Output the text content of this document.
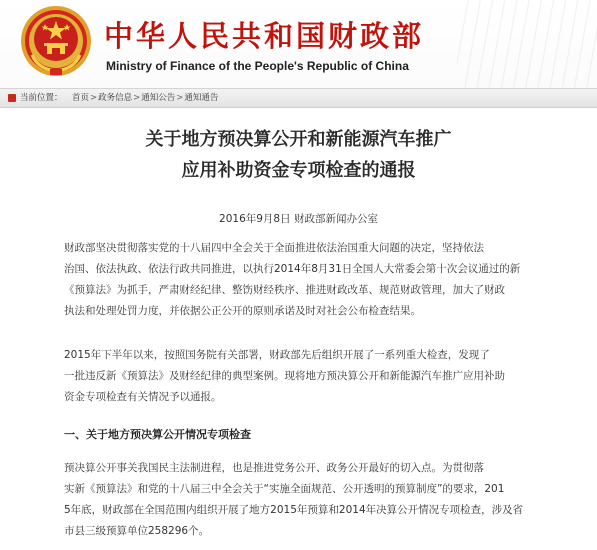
中华人民共和国财政部
Ministry of Finance of the People's Republic of China
当前位置： 首页>政务信息>通知公告>通知通告
关于地方预决算公开和新能源汽车推广
应用补助资金专项检查的通报
2016年9月8日 财政部新闻办公室
财政部坚决贯彻落实党的十八届四中全会关于全面推进依法治国重大问题的决定，坚持依法
治国、依法执政、依法行政共同推进，以执行2014年8月31日全国人大常委会第十次会议通过的新
《预算法》为抓手，严肃财经纪律、整饬财经秩序、推进财政改革、规范财政管理，加大了财政
执法和处理处罚力度，并依据公正公开的原则承诺及时对社会公布检查结果。
2015年下半年以来，按照国务院有关部署，财政部先后组织开展了一系列重大检查，发现了
一批违反新《预算法》及财经纪律的典型案例。现将地方预决算公开和新能源汽车推广应用补助
资金专项检查有关情况予以通报。
一、关于地方预决算公开情况专项检查
预决算公开事关我国民主法制进程，也是推进党务公开、政务公开最好的切入点。为贯彻落
实新《预算法》和党的十八届三中全会关于“实施全面规范、公开透明的预算制度”的要求，201
5年底，财政部在全国范围内组织开展了地方2015年预算和2014年决算公开情况专项检查，涉及省
市县三级预算单位258296个。
